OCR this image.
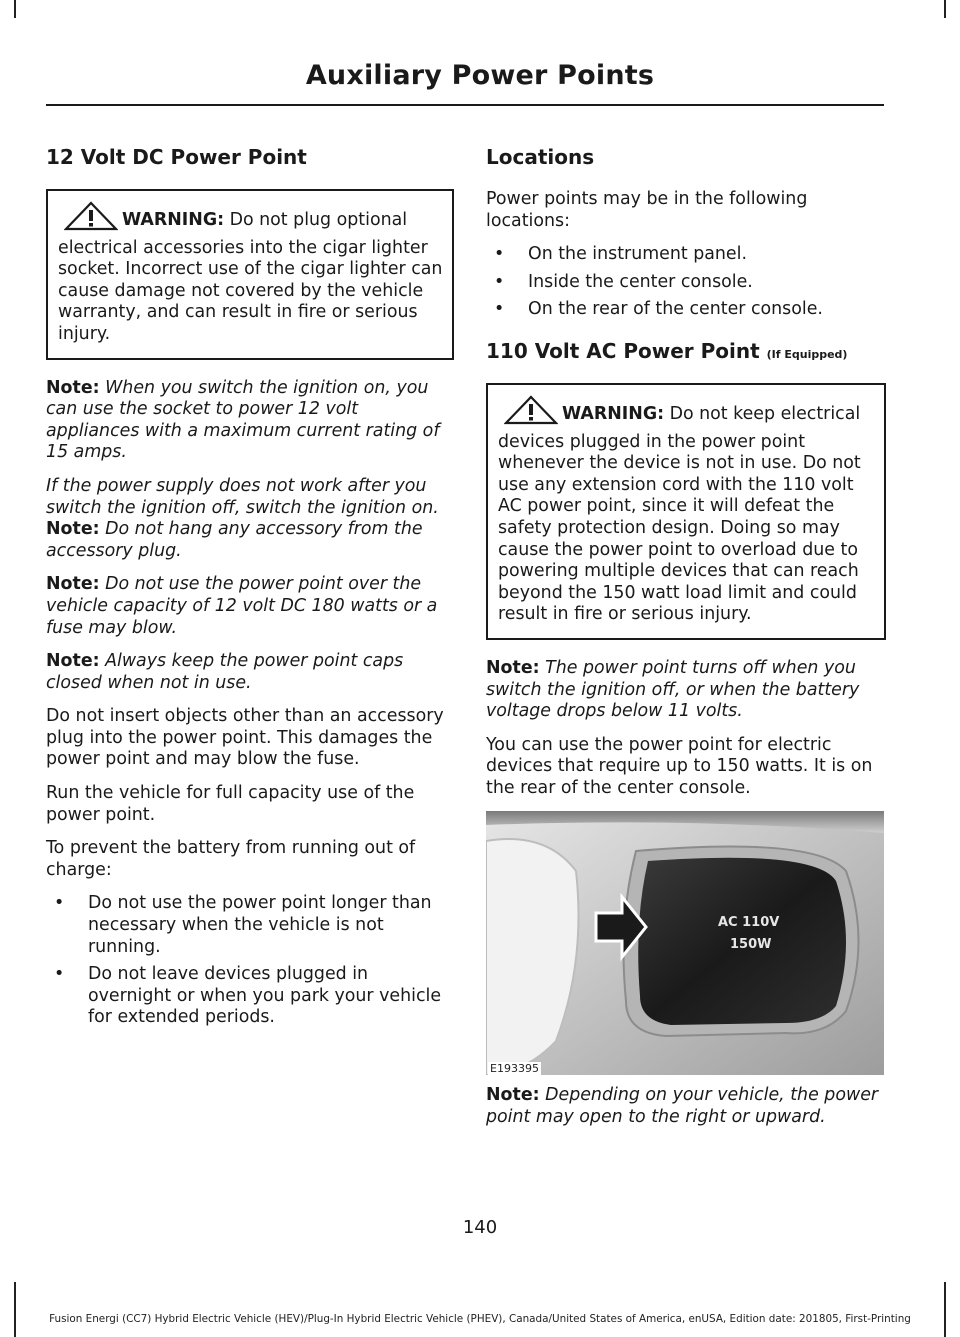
Auxiliary Power Points
12 Volt DC Power Point
WARNING: Do not plug optional electrical accessories into the cigar lighter socket. Incorrect use of the cigar lighter can cause damage not covered by the vehicle warranty, and can result in fire or serious injury.

Note: When you switch the ignition on, you can use the socket to power 12 volt appliances with a maximum current rating of 15 amps.

If the power supply does not work after you switch the ignition off, switch the ignition on.

Note: Do not hang any accessory from the accessory plug.

Note: Do not use the power point over the vehicle capacity of 12 volt DC 180 watts or a fuse may blow.

Note: Always keep the power point caps closed when not in use.

Do not insert objects other than an accessory plug into the power point. This damages the power point and may blow the fuse.

Run the vehicle for full capacity use of the power point.

To prevent the battery from running out of charge:

• Do not use the power point longer than necessary when the vehicle is not running.
• Do not leave devices plugged in overnight or when you park your vehicle for extended periods.
Locations

Power points may be in the following locations:

• On the instrument panel.
• Inside the center console.
• On the rear of the center console.
110 Volt AC Power Point (If Equipped)
WARNING: Do not keep electrical devices plugged in the power point whenever the device is not in use. Do not use any extension cord with the 110 volt AC power point, since it will defeat the safety protection design. Doing so may cause the power point to overload due to powering multiple devices that can reach beyond the 150 watt load limit and could result in fire or serious injury.

Note: The power point turns off when you switch the ignition off, or when the battery voltage drops below 11 volts.

You can use the power point for electric devices that require up to 150 watts. It is on the rear of the center console.

AC 110V
150W
E193395

Note: Depending on your vehicle, the power point may open to the right or upward.

140
Fusion Energi (CC7) Hybrid Electric Vehicle (HEV)/Plug-In Hybrid Electric Vehicle (PHEV), Canada/United States of America, enUSA, Edition date: 201805, First-Printing
